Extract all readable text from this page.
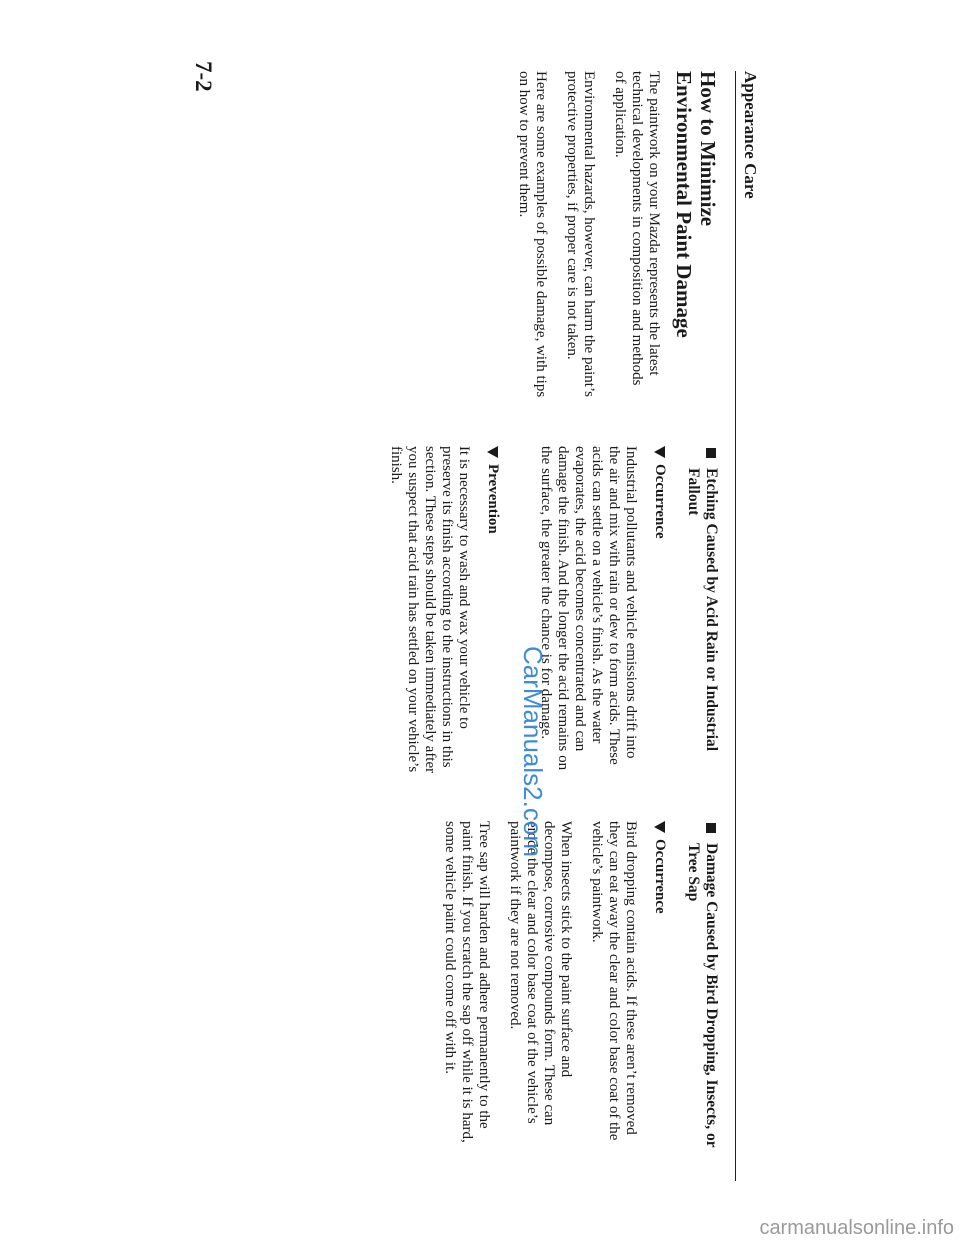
Appearance Care
How to Minimize
Environmental Paint Damage

The paintwork on your Mazda represents the latest technical developments in composition and methods of application.

Environmental hazards, however, can harm the paint’s protective properties, if proper care is not taken.

Here are some examples of possible damage, with tips on how to prevent them.

Etching Caused by Acid Rain or Industrial Fallout
Occurrence

Industrial pollutants and vehicle emissions drift into the air and mix with rain or dew to form acids. These acids can settle on a vehicle’s finish. As the water evaporates, the acid becomes concentrated and can damage the finish. And the longer the acid remains on the surface, the greater the chance is for damage.

Prevention

It is necessary to wash and wax your vehicle to preserve its finish according to the instructions in this section. These steps should be taken immediately after you suspect that acid rain has settled on your vehicle’s finish.

Damage Caused by Bird Dropping, Insects, or Tree Sap
Occurrence

Bird dropping contain acids. If these aren’t removed they can eat away the clear and color base coat of the vehicle’s paintwork.

When insects stick to the paint surface and decompose, corrosive compounds form. These can erode the clear and color base coat of the vehicle’s paintwork if they are not removed.

Tree sap will harden and adhere permanently to the paint finish. If you scratch the sap off while it is hard, some vehicle paint could come off with it.

CarManuals2.com
7-2
carmanualsonline.info
